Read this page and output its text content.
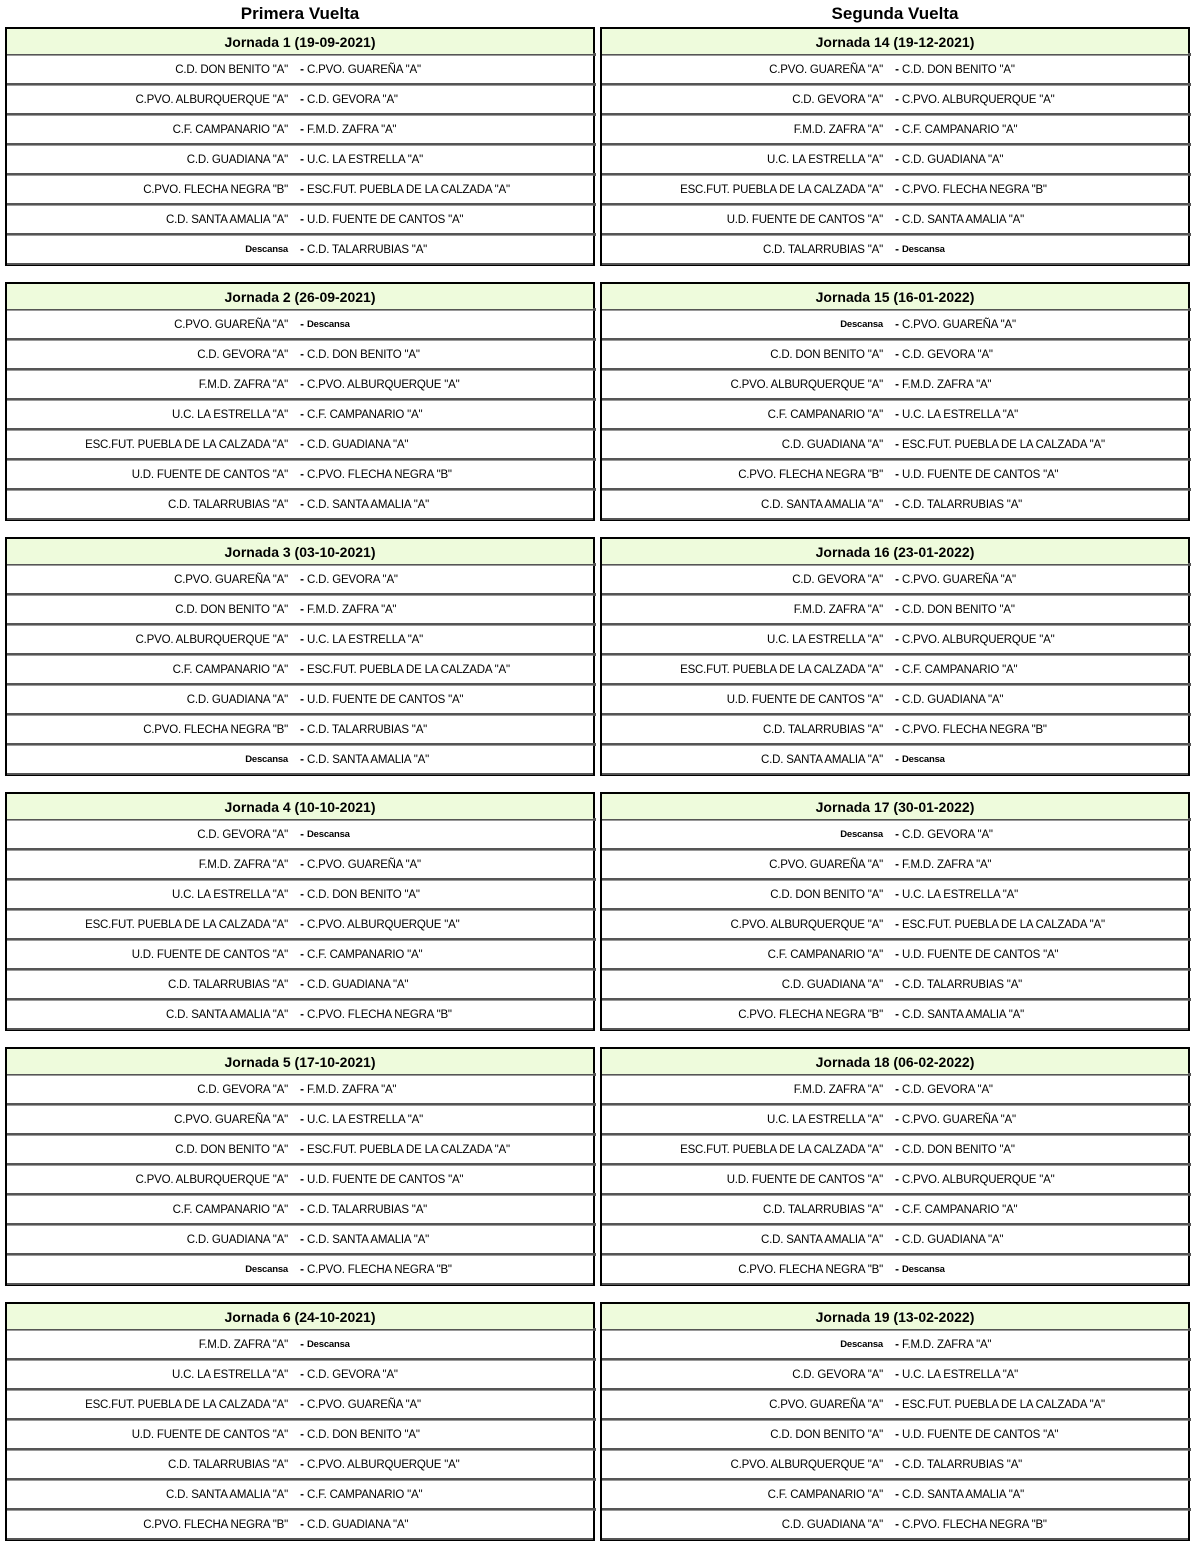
Primera Vuelta	Segunda Vuelta
Jornada 1 (19-09-2021)
C.D. DON BENITO "A"	- C.PVO. GUAREÑA "A"
C.PVO. ALBURQUERQUE "A"	- C.D. GEVORA "A"
C.F. CAMPANARIO "A"	- F.M.D. ZAFRA "A"
C.D. GUADIANA "A"	- U.C. LA ESTRELLA "A"
C.PVO. FLECHA NEGRA "B"	- ESC.FUT. PUEBLA DE LA CALZADA "A"
C.D. SANTA AMALIA "A"	- U.D. FUENTE DE CANTOS "A"
Descansa	- C.D. TALARRUBIAS "A"
Jornada 14 (19-12-2021)
C.PVO. GUAREÑA "A"	- C.D. DON BENITO "A"
C.D. GEVORA "A"	- C.PVO. ALBURQUERQUE "A"
F.M.D. ZAFRA "A"	- C.F. CAMPANARIO "A"
U.C. LA ESTRELLA "A"	- C.D. GUADIANA "A"
ESC.FUT. PUEBLA DE LA CALZADA "A"	- C.PVO. FLECHA NEGRA "B"
U.D. FUENTE DE CANTOS "A"	- C.D. SANTA AMALIA "A"
C.D. TALARRUBIAS "A"	- Descansa
Jornada 2 (26-09-2021)
C.PVO. GUAREÑA "A"	- Descansa
C.D. GEVORA "A"	- C.D. DON BENITO "A"
F.M.D. ZAFRA "A"	- C.PVO. ALBURQUERQUE "A"
U.C. LA ESTRELLA "A"	- C.F. CAMPANARIO "A"
ESC.FUT. PUEBLA DE LA CALZADA "A"	- C.D. GUADIANA "A"
U.D. FUENTE DE CANTOS "A"	- C.PVO. FLECHA NEGRA "B"
C.D. TALARRUBIAS "A"	- C.D. SANTA AMALIA "A"
Jornada 15 (16-01-2022)
Descansa	- C.PVO. GUAREÑA "A"
C.D. DON BENITO "A"	- C.D. GEVORA "A"
C.PVO. ALBURQUERQUE "A"	- F.M.D. ZAFRA "A"
C.F. CAMPANARIO "A"	- U.C. LA ESTRELLA "A"
C.D. GUADIANA "A"	- ESC.FUT. PUEBLA DE LA CALZADA "A"
C.PVO. FLECHA NEGRA "B"	- U.D. FUENTE DE CANTOS "A"
C.D. SANTA AMALIA "A"	- C.D. TALARRUBIAS "A"
Jornada 3 (03-10-2021)
C.PVO. GUAREÑA "A"	- C.D. GEVORA "A"
C.D. DON BENITO "A"	- F.M.D. ZAFRA "A"
C.PVO. ALBURQUERQUE "A"	- U.C. LA ESTRELLA "A"
C.F. CAMPANARIO "A"	- ESC.FUT. PUEBLA DE LA CALZADA "A"
C.D. GUADIANA "A"	- U.D. FUENTE DE CANTOS "A"
C.PVO. FLECHA NEGRA "B"	- C.D. TALARRUBIAS "A"
Descansa	- C.D. SANTA AMALIA "A"
Jornada 16 (23-01-2022)
C.D. GEVORA "A"	- C.PVO. GUAREÑA "A"
F.M.D. ZAFRA "A"	- C.D. DON BENITO "A"
U.C. LA ESTRELLA "A"	- C.PVO. ALBURQUERQUE "A"
ESC.FUT. PUEBLA DE LA CALZADA "A"	- C.F. CAMPANARIO "A"
U.D. FUENTE DE CANTOS "A"	- C.D. GUADIANA "A"
C.D. TALARRUBIAS "A"	- C.PVO. FLECHA NEGRA "B"
C.D. SANTA AMALIA "A"	- Descansa
Jornada 4 (10-10-2021)
C.D. GEVORA "A"	- Descansa
F.M.D. ZAFRA "A"	- C.PVO. GUAREÑA "A"
U.C. LA ESTRELLA "A"	- C.D. DON BENITO "A"
ESC.FUT. PUEBLA DE LA CALZADA "A"	- C.PVO. ALBURQUERQUE "A"
U.D. FUENTE DE CANTOS "A"	- C.F. CAMPANARIO "A"
C.D. TALARRUBIAS "A"	- C.D. GUADIANA "A"
C.D. SANTA AMALIA "A"	- C.PVO. FLECHA NEGRA "B"
Jornada 17 (30-01-2022)
Descansa	- C.D. GEVORA "A"
C.PVO. GUAREÑA "A"	- F.M.D. ZAFRA "A"
C.D. DON BENITO "A"	- U.C. LA ESTRELLA "A"
C.PVO. ALBURQUERQUE "A"	- ESC.FUT. PUEBLA DE LA CALZADA "A"
C.F. CAMPANARIO "A"	- U.D. FUENTE DE CANTOS "A"
C.D. GUADIANA "A"	- C.D. TALARRUBIAS "A"
C.PVO. FLECHA NEGRA "B"	- C.D. SANTA AMALIA "A"
Jornada 5 (17-10-2021)
C.D. GEVORA "A"	- F.M.D. ZAFRA "A"
C.PVO. GUAREÑA "A"	- U.C. LA ESTRELLA "A"
C.D. DON BENITO "A"	- ESC.FUT. PUEBLA DE LA CALZADA "A"
C.PVO. ALBURQUERQUE "A"	- U.D. FUENTE DE CANTOS "A"
C.F. CAMPANARIO "A"	- C.D. TALARRUBIAS "A"
C.D. GUADIANA "A"	- C.D. SANTA AMALIA "A"
Descansa	- C.PVO. FLECHA NEGRA "B"
Jornada 18 (06-02-2022)
F.M.D. ZAFRA "A"	- C.D. GEVORA "A"
U.C. LA ESTRELLA "A"	- C.PVO. GUAREÑA "A"
ESC.FUT. PUEBLA DE LA CALZADA "A"	- C.D. DON BENITO "A"
U.D. FUENTE DE CANTOS "A"	- C.PVO. ALBURQUERQUE "A"
C.D. TALARRUBIAS "A"	- C.F. CAMPANARIO "A"
C.D. SANTA AMALIA "A"	- C.D. GUADIANA "A"
C.PVO. FLECHA NEGRA "B"	- Descansa
Jornada 6 (24-10-2021)
F.M.D. ZAFRA "A"	- Descansa
U.C. LA ESTRELLA "A"	- C.D. GEVORA "A"
ESC.FUT. PUEBLA DE LA CALZADA "A"	- C.PVO. GUAREÑA "A"
U.D. FUENTE DE CANTOS "A"	- C.D. DON BENITO "A"
C.D. TALARRUBIAS "A"	- C.PVO. ALBURQUERQUE "A"
C.D. SANTA AMALIA "A"	- C.F. CAMPANARIO "A"
C.PVO. FLECHA NEGRA "B"	- C.D. GUADIANA "A"
Jornada 19 (13-02-2022)
Descansa	- F.M.D. ZAFRA "A"
C.D. GEVORA "A"	- U.C. LA ESTRELLA "A"
C.PVO. GUAREÑA "A"	- ESC.FUT. PUEBLA DE LA CALZADA "A"
C.D. DON BENITO "A"	- U.D. FUENTE DE CANTOS "A"
C.PVO. ALBURQUERQUE "A"	- C.D. TALARRUBIAS "A"
C.F. CAMPANARIO "A"	- C.D. SANTA AMALIA "A"
C.D. GUADIANA "A"	- C.PVO. FLECHA NEGRA "B"
